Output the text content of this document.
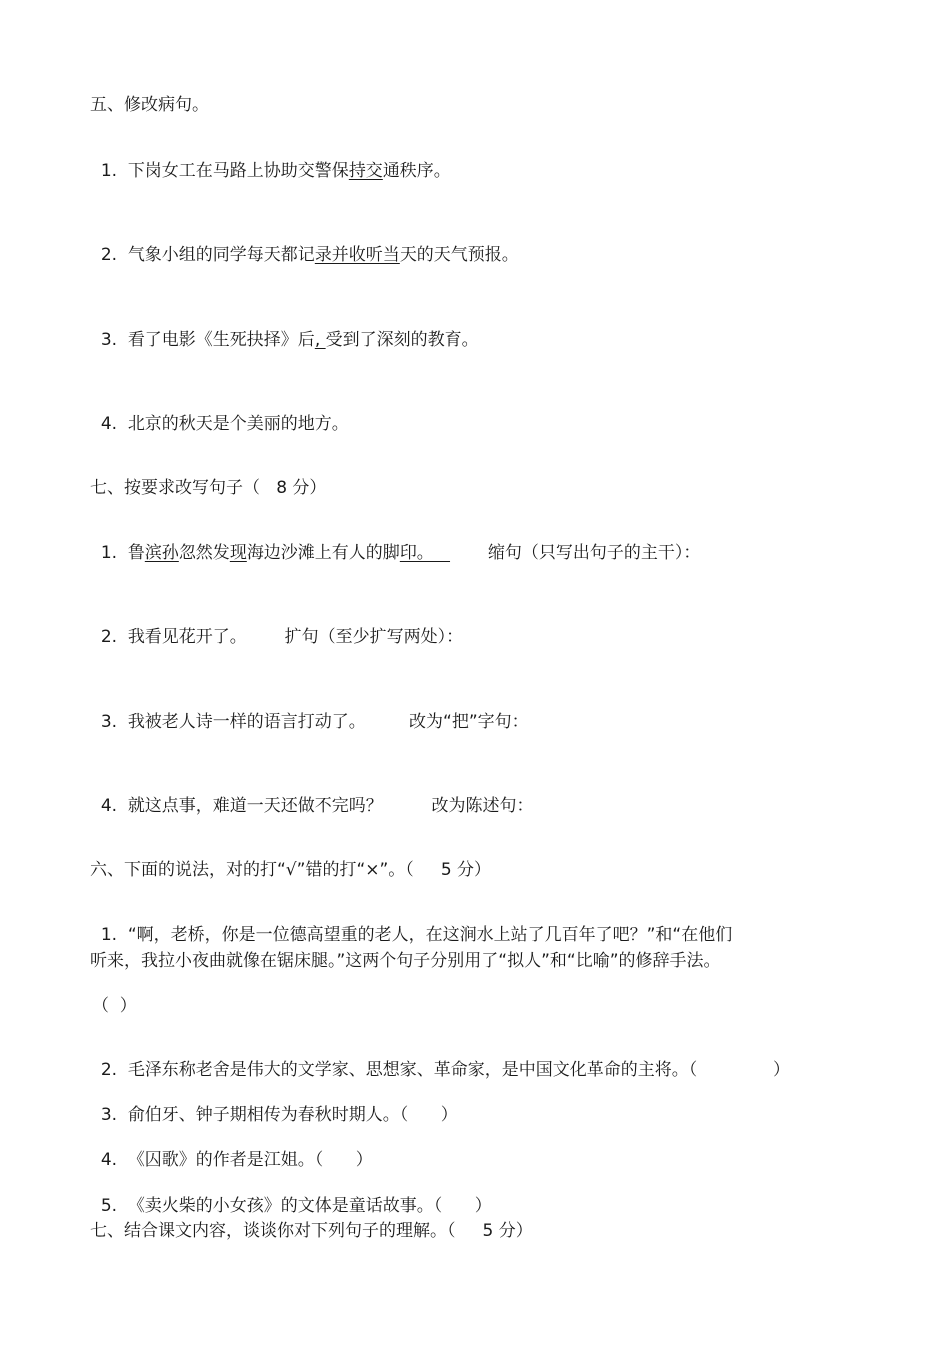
五、修改病句。

1. 下岗女工在马路上协助交警保持交通秩序。

2. 气象小组的同学每天都记录并收听当天的天气预报。

3. 看了电影《生死抉择》后, 受到了深刻的教育。

4. 北京的秋天是个美丽的地方。

七、按要求改写句子（   8 分）

1. 鲁滨孙忽然发现海边沙滩上有人的脚印。          缩句（只写出句子的主干）：

2. 我看见花开了。       扩句（至少扩写两处）：

3. 我被老人诗一样的语言打动了。        改为“把”字句：

4. 就这点事，难道一天还做不完吗？         改为陈述句：

六、下面的说法，对的打“√”错的打“×”。（     5 分）

1. “啊，老桥，你是一位德高望重的老人，在这涧水上站了几百年了吧？”和“在他们

听来，我拉小夜曲就像在锯床腿。”这两个句子分别用了“拟人”和“比喻”的修辞手法。
（  ）

2. 毛泽东称老舍是伟大的文学家、思想家、革命家，是中国文化革命的主将。（              ）

3. 俞伯牙、钟子期相传为春秋时期人。（      ）

4. 《囚歌》的作者是江姐。（      ）

5. 《卖火柴的小女孩》的文体是童话故事。（      ）

七、结合课文内容，谈谈你对下列句子的理解。（     5 分）
